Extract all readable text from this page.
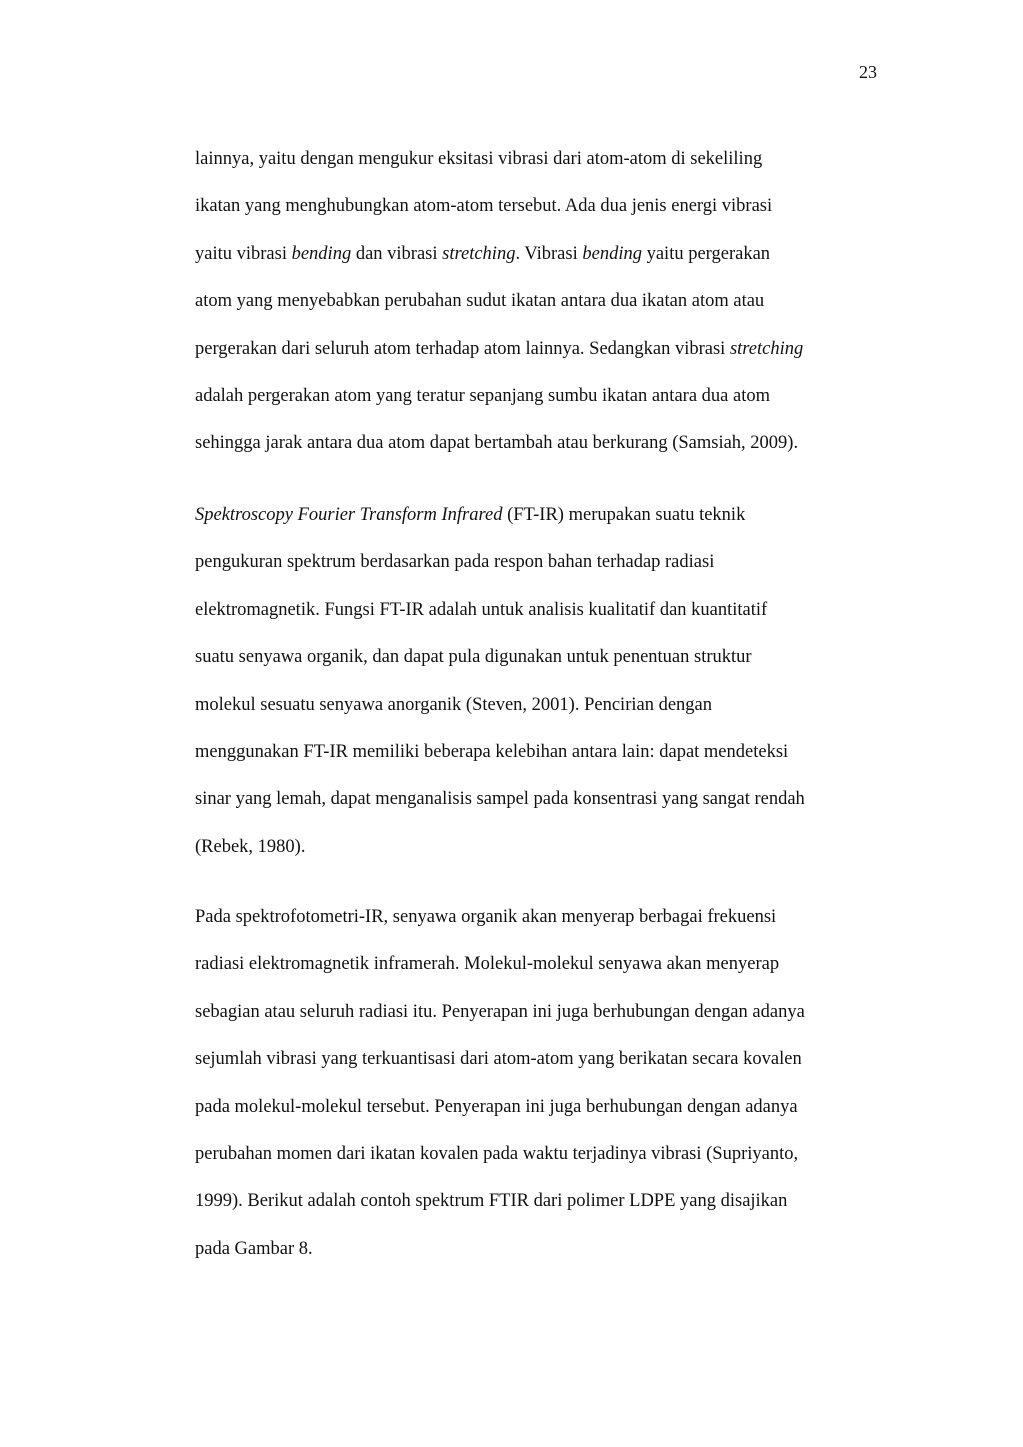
23
lainnya, yaitu dengan mengukur eksitasi vibrasi dari atom-atom di sekeliling
ikatan yang menghubungkan atom-atom tersebut. Ada dua jenis energi vibrasi
yaitu vibrasi bending dan vibrasi stretching. Vibrasi bending yaitu pergerakan
atom yang menyebabkan perubahan sudut ikatan antara dua ikatan atom atau
pergerakan dari seluruh atom terhadap atom lainnya. Sedangkan vibrasi stretching
adalah pergerakan atom yang teratur sepanjang sumbu ikatan antara dua atom
sehingga jarak antara dua atom dapat bertambah atau berkurang (Samsiah, 2009).
Spektroscopy Fourier Transform Infrared (FT-IR) merupakan suatu teknik
pengukuran spektrum berdasarkan pada respon bahan terhadap radiasi
elektromagnetik. Fungsi FT-IR adalah untuk analisis kualitatif dan kuantitatif
suatu senyawa organik, dan dapat pula digunakan untuk penentuan struktur
molekul sesuatu senyawa anorganik (Steven, 2001). Pencirian dengan
menggunakan FT-IR memiliki beberapa kelebihan antara lain: dapat mendeteksi
sinar yang lemah, dapat menganalisis sampel pada konsentrasi yang sangat rendah
(Rebek, 1980).
Pada spektrofotometri-IR, senyawa organik akan menyerap berbagai frekuensi
radiasi elektromagnetik inframerah. Molekul-molekul senyawa akan menyerap
sebagian atau seluruh radiasi itu. Penyerapan ini juga berhubungan dengan adanya
sejumlah vibrasi yang terkuantisasi dari atom-atom yang berikatan secara kovalen
pada molekul-molekul tersebut. Penyerapan ini juga berhubungan dengan adanya
perubahan momen dari ikatan kovalen pada waktu terjadinya vibrasi (Supriyanto,
1999). Berikut adalah contoh spektrum FTIR dari polimer LDPE yang disajikan
pada Gambar 8.
